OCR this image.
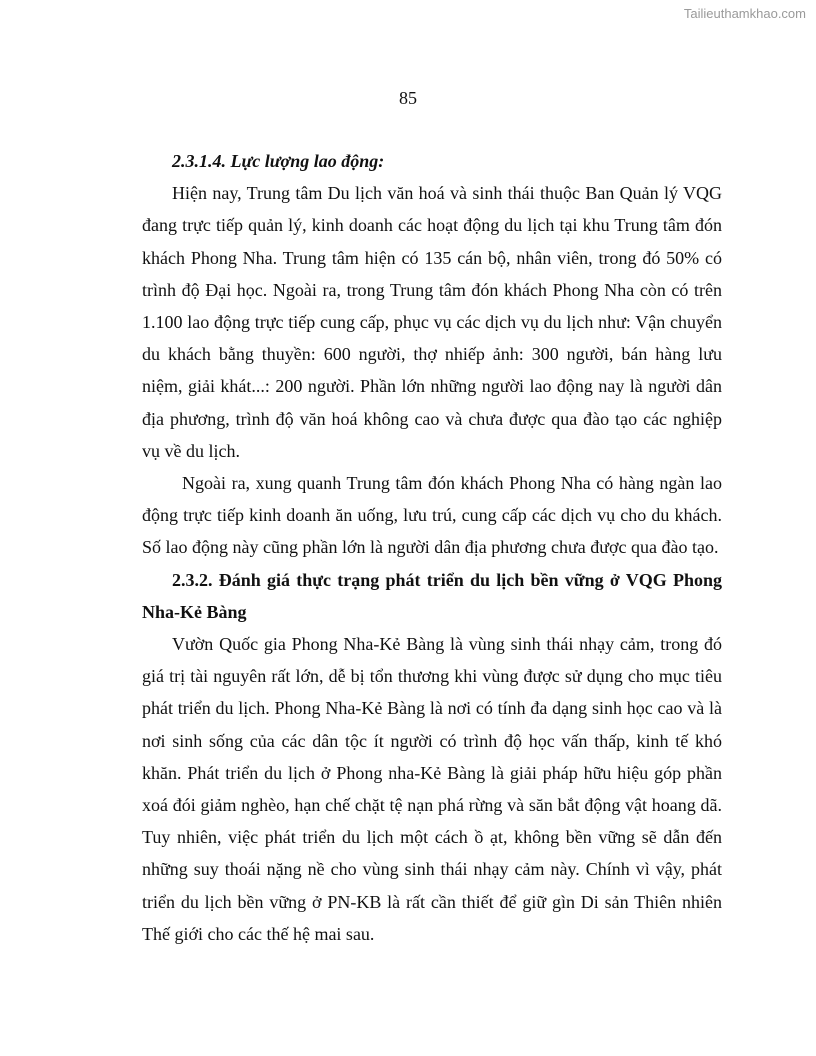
Tailieuthamkhao.com
85

2.3.1.4. Lực lượng lao động:

Hiện nay, Trung tâm Du lịch văn hoá và sinh thái thuộc Ban Quản lý VQG đang trực tiếp quản lý, kinh doanh các hoạt động du lịch tại khu Trung tâm đón khách Phong Nha. Trung tâm hiện có 135 cán bộ, nhân viên, trong đó 50% có trình độ Đại học. Ngoài ra, trong Trung tâm đón khách Phong Nha còn có trên 1.100 lao động trực tiếp cung cấp, phục vụ các dịch vụ du lịch như: Vận chuyển du khách bằng thuyền: 600 người, thợ nhiếp ảnh: 300 người, bán hàng lưu niệm, giải khát...: 200 người. Phần lớn những người lao động nay là người dân địa phương, trình độ văn hoá không cao và chưa được qua đào tạo các nghiệp vụ về du lịch.

Ngoài ra, xung quanh Trung tâm đón khách Phong Nha có hàng ngàn lao động trực tiếp kinh doanh ăn uống, lưu trú, cung cấp các dịch vụ cho du khách. Số lao động này cũng phần lớn là người dân địa phương chưa được qua đào tạo.

2.3.2. Đánh giá thực trạng phát triển du lịch bền vững ở VQG Phong Nha-Kẻ Bàng

Vườn Quốc gia Phong Nha-Kẻ Bàng là vùng sinh thái nhạy cảm, trong đó giá trị tài nguyên rất lớn, dễ bị tổn thương khi vùng được sử dụng cho mục tiêu phát triển du lịch. Phong Nha-Kẻ Bàng là nơi có tính đa dạng sinh học cao và là nơi sinh sống của các dân tộc ít người có trình độ học vấn thấp, kinh tế khó khăn. Phát triển du lịch ở Phong nha-Kẻ Bàng là giải pháp hữu hiệu góp phần xoá đói giảm nghèo, hạn chế chặt tệ nạn phá rừng và săn bắt động vật hoang dã. Tuy nhiên, việc phát triển du lịch một cách ồ ạt, không bền vững sẽ dẫn đến những suy thoái nặng nề cho vùng sinh thái nhạy cảm này. Chính vì vậy, phát triển du lịch bền vững ở PN-KB là rất cần thiết để giữ gìn Di sản Thiên nhiên Thế giới cho các thế hệ mai sau.
